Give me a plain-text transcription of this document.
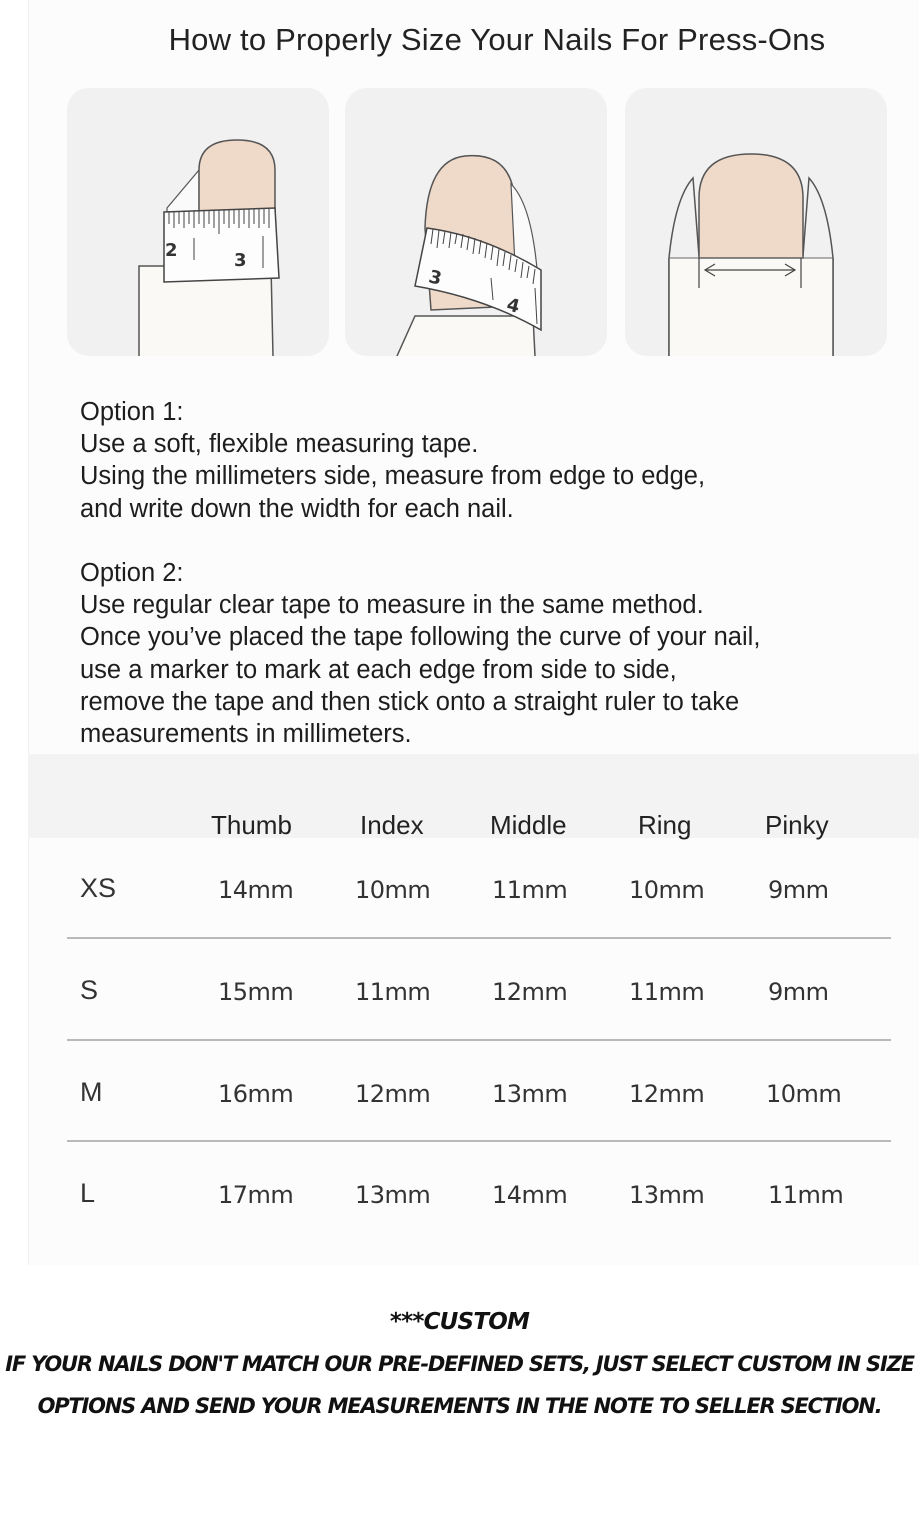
How to Properly Size Your Nails For Press-Ons
2	3
3
4
Option 1:
Use a soft, flexible measuring tape.
Using the millimeters side, measure from edge to edge,
and write down the width for each nail.
Option 2:
Use regular clear tape to measure in the same method.
Once you’ve placed the tape following the curve of your nail,
use a marker to mark at each edge from side to side,
remove the tape and then stick onto a straight ruler to take
measurements in millimeters.
Thumb	Index	Middle	Ring	Pinky
XS	14mm	10mm	11mm	10mm	9mm
S	15mm	11mm	12mm	11mm	9mm
M	16mm	12mm	13mm	12mm	10mm
L	17mm	13mm	14mm	13mm	11mm
***CUSTOM
IF YOUR NAILS DON'T MATCH OUR PRE-DEFINED SETS, JUST SELECT CUSTOM IN SIZE
OPTIONS AND SEND YOUR MEASUREMENTS IN THE NOTE TO SELLER SECTION.
